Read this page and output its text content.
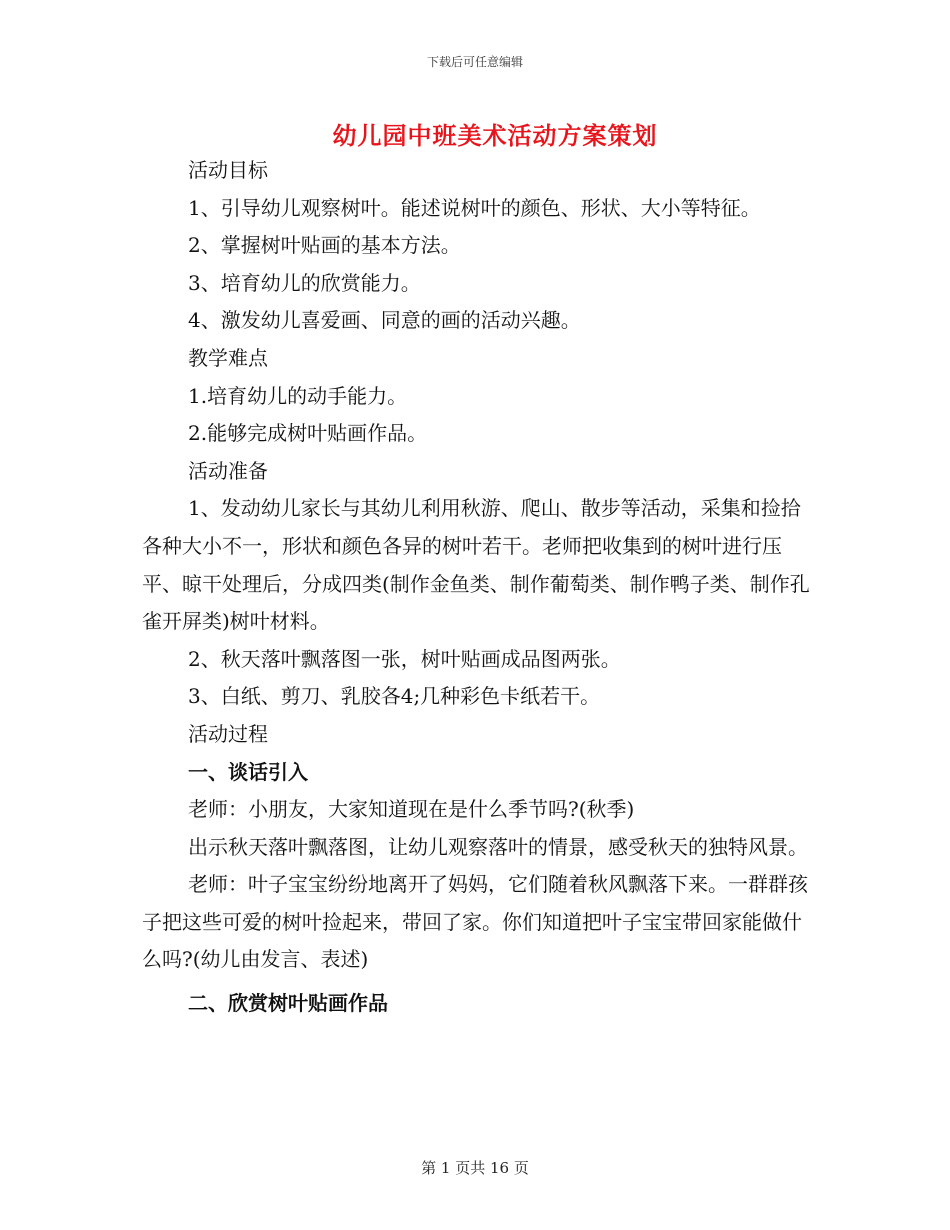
下载后可任意编辑
幼儿园中班美术活动方案策划

活动目标

1、引导幼儿观察树叶。能述说树叶的颜色、形状、大小等特征。

2、掌握树叶贴画的基本方法。

3、培育幼儿的欣赏能力。

4、激发幼儿喜爱画、同意的画的活动兴趣。

教学难点

1.培育幼儿的动手能力。

2.能够完成树叶贴画作品。

活动准备

1、发动幼儿家长与其幼儿利用秋游、爬山、散步等活动，采集和捡拾各种大小不一，形状和颜色各异的树叶若干。老师把收集到的树叶进行压平、晾干处理后，分成四类(制作金鱼类、制作葡萄类、制作鸭子类、制作孔雀开屏类)树叶材料。

2、秋天落叶飘落图一张，树叶贴画成品图两张。

3、白纸、剪刀、乳胶各4;几种彩色卡纸若干。

活动过程

一、谈话引入

老师：小朋友，大家知道现在是什么季节吗?(秋季)

出示秋天落叶飘落图，让幼儿观察落叶的情景，感受秋天的独特风景。

老师：叶子宝宝纷纷地离开了妈妈，它们随着秋风飘落下来。一群群孩子把这些可爱的树叶捡起来，带回了家。你们知道把叶子宝宝带回家能做什么吗?(幼儿由发言、表述)

二、欣赏树叶贴画作品

第 1 页共 16 页
